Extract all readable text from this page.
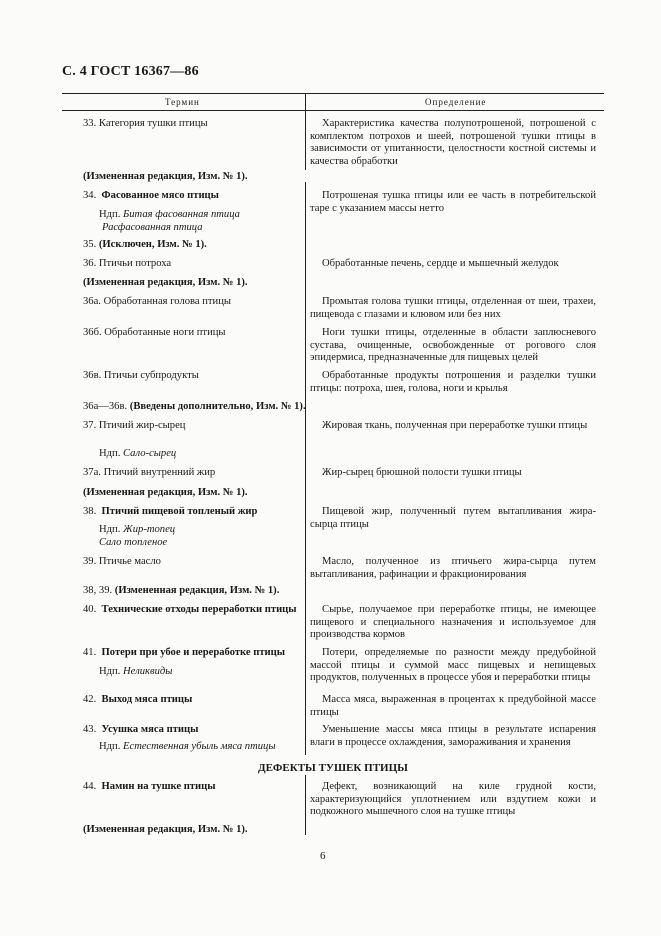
С. 4 ГОСТ 16367—86
Термин	Определение
33. Категория тушки птицы	Характеристика качества полупотрошеной, потрошеной с комплектом потрохов и шеей, потрошеной тушки птицы в зависимости от упитанности, целостности костной системы и качества обработки
(Измененная редакция, Изм. № 1).
34. Фасованное мясо птицы	Потрошеная тушка птицы или ее часть в потребительской таре с указанием массы нетто
Ндп. Битая фасованная птица
Расфасованная птица
35. (Исключен, Изм. № 1).
36. Птичьи потроха	Обработанные печень, сердце и мышечный желудок
(Измененная редакция, Изм. № 1).
36а. Обработанная голова птицы	Промытая голова тушки птицы, отделенная от шеи, трахеи, пищевода с глазами и клювом или без них
36б. Обработанные ноги птицы	Ноги тушки птицы, отделенные в области заплюсневого сустава, очищенные, освобожденные от рогового слоя эпидермиса, предназначенные для пищевых целей
36в. Птичьи субпродукты	Обработанные продукты потрошения и разделки тушки птицы: потроха, шея, голова, ноги и крылья
36а—36в. (Введены дополнительно, Изм. № 1).
37. Птичий жир-сырец	Жировая ткань, полученная при переработке тушки птицы
Ндп. Сало-сырец
37а. Птичий внутренний жир	Жир-сырец брюшной полости тушки птицы
(Измененная редакция, Изм. № 1).
38. Птичий пищевой топленый жир	Пищевой жир, полученный путем вытапливания жира-сырца птицы
Ндп. Жир-топец
Сало топленое
39. Птичье масло	Масло, полученное из птичьего жира-сырца путем вытапливания, рафинации и фракционирования
38, 39. (Измененная редакция, Изм. № 1).
40. Технические отходы переработки птицы	Сырье, получаемое при переработке птицы, не имеющее пищевого и специального назначения и используемое для производства кормов
41. Потери при убое и переработке птицы	Потери, определяемые по разности между предубойной массой птицы и суммой масс пищевых и непищевых продуктов, полученных в процессе убоя и переработки птицы
Ндп. Неликвиды
42. Выход мяса птицы	Масса мяса, выраженная в процентах к предубойной массе птицы
43. Усушка мяса птицы	Уменьшение массы мяса птицы в результате испарения влаги в процессе охлаждения, замораживания и хранения
Ндп. Естественная убыль мяса птицы
ДЕФЕКТЫ ТУШЕК ПТИЦЫ
44. Намин на тушке птицы	Дефект, возникающий на киле грудной кости, характеризующийся уплотнением или вздутием кожи и подкожного мышечного слоя на тушке птицы
(Измененная редакция, Изм. № 1).
6
